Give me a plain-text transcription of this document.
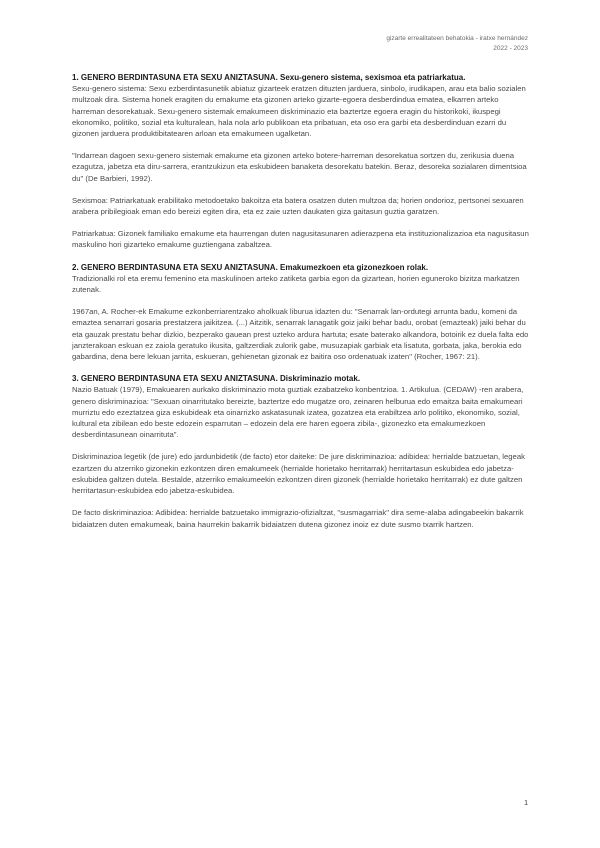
gizarte errealitateen behatokia - iratxe hernández
2022 - 2023

1. GENERO BERDINTASUNA ETA SEXU ANIZTASUNA. Sexu-genero sistema, sexismoa eta patriarkatua.

Sexu-genero sistema: Sexu ezberdintasunetik abiatuz gizarteek eratzen dituzten jarduera, sinbolo, irudikapen, arau eta balio sozialen multzoak dira. Sistema honek eragiten du emakume eta gizonen arteko gizarte-egoera desberdindua ematea, elkarren arteko harreman desorekatuak. Sexu-genero sistemak emakumeen diskriminazio eta baztertze egoera eragin du historikoki, ikuspegi ekonomiko, politiko, sozial eta kulturalean, hala nola arlo publikoan eta pribatuan, eta oso era garbi eta desberdinduan ezarri du gizonen jarduera produktibitatearen arloan eta emakumeen ugalketan.

"Indarrean dagoen sexu-genero sistemak emakume eta gizonen arteko botere-harreman desorekatua sortzen du, zerikusia duena ezagutza, jabetza eta diru-sarrera, erantzukizun eta eskubideen banaketa desorekatu batekin. Beraz, desoreka sozialaren dimentsioa du" (De Barbieri, 1992).

Sexismoa: Patriarkatuak erabilitako metodoetako bakoitza eta batera osatzen duten multzoa da; horien ondorioz, pertsonei sexuaren arabera pribilegioak eman edo bereizi egiten dira, eta ez zaie uzten daukaten giza gaitasun guztia garatzen.

Patriarkatua: Gizonek familiako emakume eta haurrengan duten nagusitasunaren adierazpena eta instituzionalizazioa eta nagusitasun maskulino hori gizarteko emakume guztiengana zabaltzea.

2. GENERO BERDINTASUNA ETA SEXU ANIZTASUNA. Emakumezkoen eta gizonezkoen rolak.

Tradizionalki rol eta eremu femenino eta maskulinoen arteko zatiketa garbia egon da gizartean, horien eguneroko bizitza markatzen zutenak.

1967an, A. Rocher-ek Emakume ezkonberriarentzako aholkuak liburua idazten du: "Senarrak lan-ordutegi arrunta badu, komeni da emaztea senarrari gosaria prestatzera jaikitzea. (...) Aitzitik, senarrak lanagatik goiz jaiki behar badu, orobat (emazteak) jaiki behar du eta gauzak prestatu behar dizkio, bezperako gauean prest uzteko ardura hartuta; esate baterako alkandora, botoirik ez duela falta edo janzterakoan eskuan ez zaiola geratuko ikusita, galtzerdiak zulorik gabe, musuzapiak garbiak eta lisatuta, gorbata, jaka, berokia edo gabardina, dena bere lekuan jarrita, eskueran, gehienetan gizonak ez baitira oso ordenatuak izaten" (Rocher, 1967: 21).

3. GENERO BERDINTASUNA ETA SEXU ANIZTASUNA. Diskriminazio motak.

Nazio Batuak (1979), Emakuearen aurkako diskriminazio mota guztiak ezabatzeko konbentzioa. 1. Artikulua. (CEDAW) -ren arabera, genero diskriminazioa: "Sexuan oinarritutako bereizte, baztertze edo mugatze oro, zeinaren helburua edo emaitza baita emakumeari murriztu edo ezeztatzea giza eskubideak eta oinarrizko askatasunak izatea, gozatzea eta erabiltzea arlo politiko, ekonomiko, sozial, kultural eta zibilean edo beste edozein esparrutan – edozein dela ere haren egoera zibila-, gizonezko eta emakumezkoen desberdintasunean oinarrituta".

Diskriminazioa legetik (de jure) edo jardunbidetik (de facto) etor daiteke: De jure diskriminazioa: adibidea: herrialde batzuetan, legeak ezartzen du atzerriko gizonekin ezkontzen diren emakumeek (herrialde horietako herritarrak) herritartasun eskubidea edo jabetza-eskubidea galtzen dutela. Bestalde, atzerriko emakumeekin ezkontzen diren gizonek (herrialde horietako herritarrak) ez dute galtzen herritartasun-eskubidea edo jabetza-eskubidea.

De facto diskriminazioa: Adibidea: herrialde batzuetako immigrazio-ofizialtzat, "susmagarriak" dira seme-alaba adingabeekin bakarrik bidaiatzen duten emakumeak, baina haurrekin bakarrik bidaiatzen dutena gizonez inoiz ez dute susmo txarrik hartzen.

1
